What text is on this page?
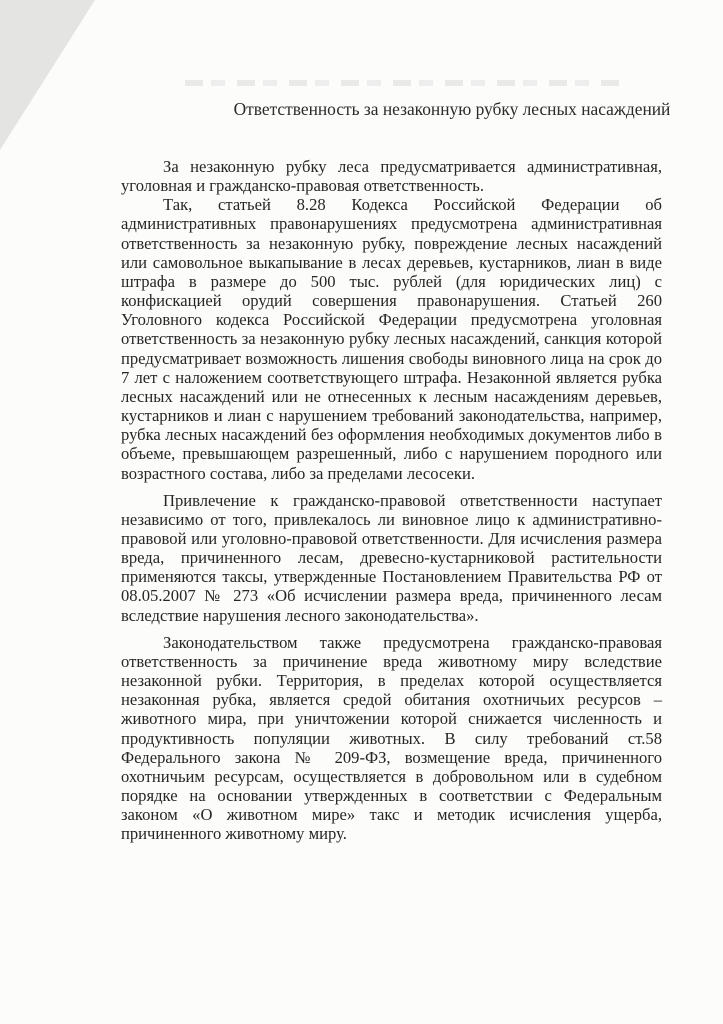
Ответственность за незаконную рубку лесных насаждений

За незаконную рубку леса предусматривается административная, уголовная и гражданско-правовая ответственность.

Так, статьей 8.28 Кодекса Российской Федерации об административных правонарушениях предусмотрена административная ответственность за незаконную рубку, повреждение лесных насаждений или самовольное выкапывание в лесах деревьев, кустарников, лиан в виде штрафа в размере до 500 тыс. рублей (для юридических лиц) с конфискацией орудий совершения правонарушения. Статьей 260 Уголовного кодекса Российской Федерации предусмотрена уголовная ответственность за незаконную рубку лесных насаждений, санкция которой предусматривает возможность лишения свободы виновного лица на срок до 7 лет с наложением соответствующего штрафа. Незаконной является рубка лесных насаждений или не отнесенных к лесным насаждениям деревьев, кустарников и лиан с нарушением требований законодательства, например, рубка лесных насаждений без оформления необходимых документов либо в объеме, превышающем разрешенный, либо с нарушением породного или возрастного состава, либо за пределами лесосеки.

Привлечение к гражданско-правовой ответственности наступает независимо от того, привлекалось ли виновное лицо к административно-правовой или уголовно-правовой ответственности. Для исчисления размера вреда, причиненного лесам, древесно-кустарниковой растительности применяются таксы, утвержденные Постановлением Правительства РФ от 08.05.2007 № 273 «Об исчислении размера вреда, причиненного лесам вследствие нарушения лесного законодательства».

Законодательством также предусмотрена гражданско-правовая ответственность за причинение вреда животному миру вследствие незаконной рубки. Территория, в пределах которой осуществляется незаконная рубка, является средой обитания охотничьих ресурсов – животного мира, при уничтожении которой снижается численность и продуктивность популяции животных. В силу требований ст.58 Федерального закона № 209-ФЗ, возмещение вреда, причиненного охотничьим ресурсам, осуществляется в добровольном или в судебном порядке на основании утвержденных в соответствии с Федеральным законом «О животном мире» такс и методик исчисления ущерба, причиненного животному миру.
